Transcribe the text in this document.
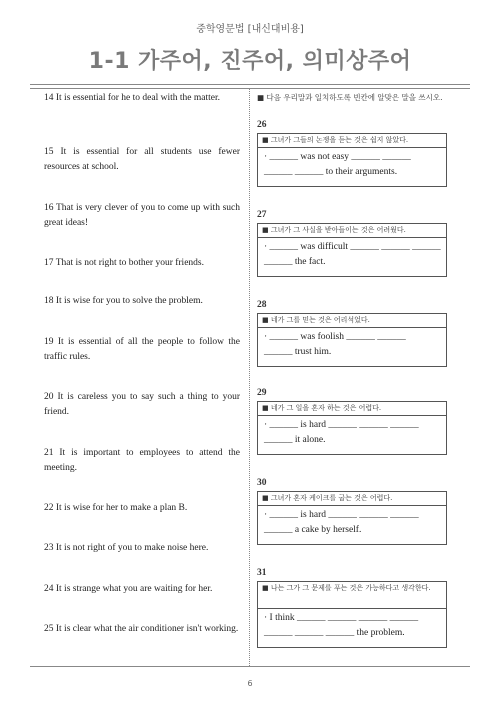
중학영문법 [내신대비용]
1-1 가주어, 진주어, 의미상주어
14 It is essential for he to deal with the matter.
15 It is essential for all students use fewer resources at school.
16 That is very clever of you to come up with such great ideas!
17 That is not right to bother your friends.
18 It is wise for you to solve the problem.
19 It is essential of all the people to follow the traffic rules.
20 It is careless you to say such a thing to your friend.
21 It is important to employees to attend the meeting.
22 It is wise for her to make a plan B.
23 It is not right of you to make noise here.
24 It is strange what you are waiting for her.
25 It is clear what the air conditioner isn't working.
■ 다음 우리말과 일치하도록 빈칸에 알맞은 말을 쓰시오.
26
■ 그녀가 그들의 논쟁을 듣는 것은 쉽지 않았다.
· ______ was not easy ______ ______
______ ______ to their arguments.
27
■ 그녀가 그 사실을 받아들이는 것은 어려웠다.
· ______ was difficult ______ ______ ______
______ the fact.
28
■ 네가 그를 믿는 것은 어리석었다.
· ______ was foolish ______ ______
______ trust him.
29
■ 네가 그 일을 혼자 하는 것은 어렵다.
· ______ is hard ______ ______ ______
______ it alone.
30
■ 그녀가 혼자 케이크를 굽는 것은 어렵다.
· ______ is hard ______ ______ ______
______ a cake by herself.
31
■ 나는 그가 그 문제를 푸는 것은 가능하다고 생각한다.
· I think ______ ______ ______ ______
______ ______ ______ the problem.
6
